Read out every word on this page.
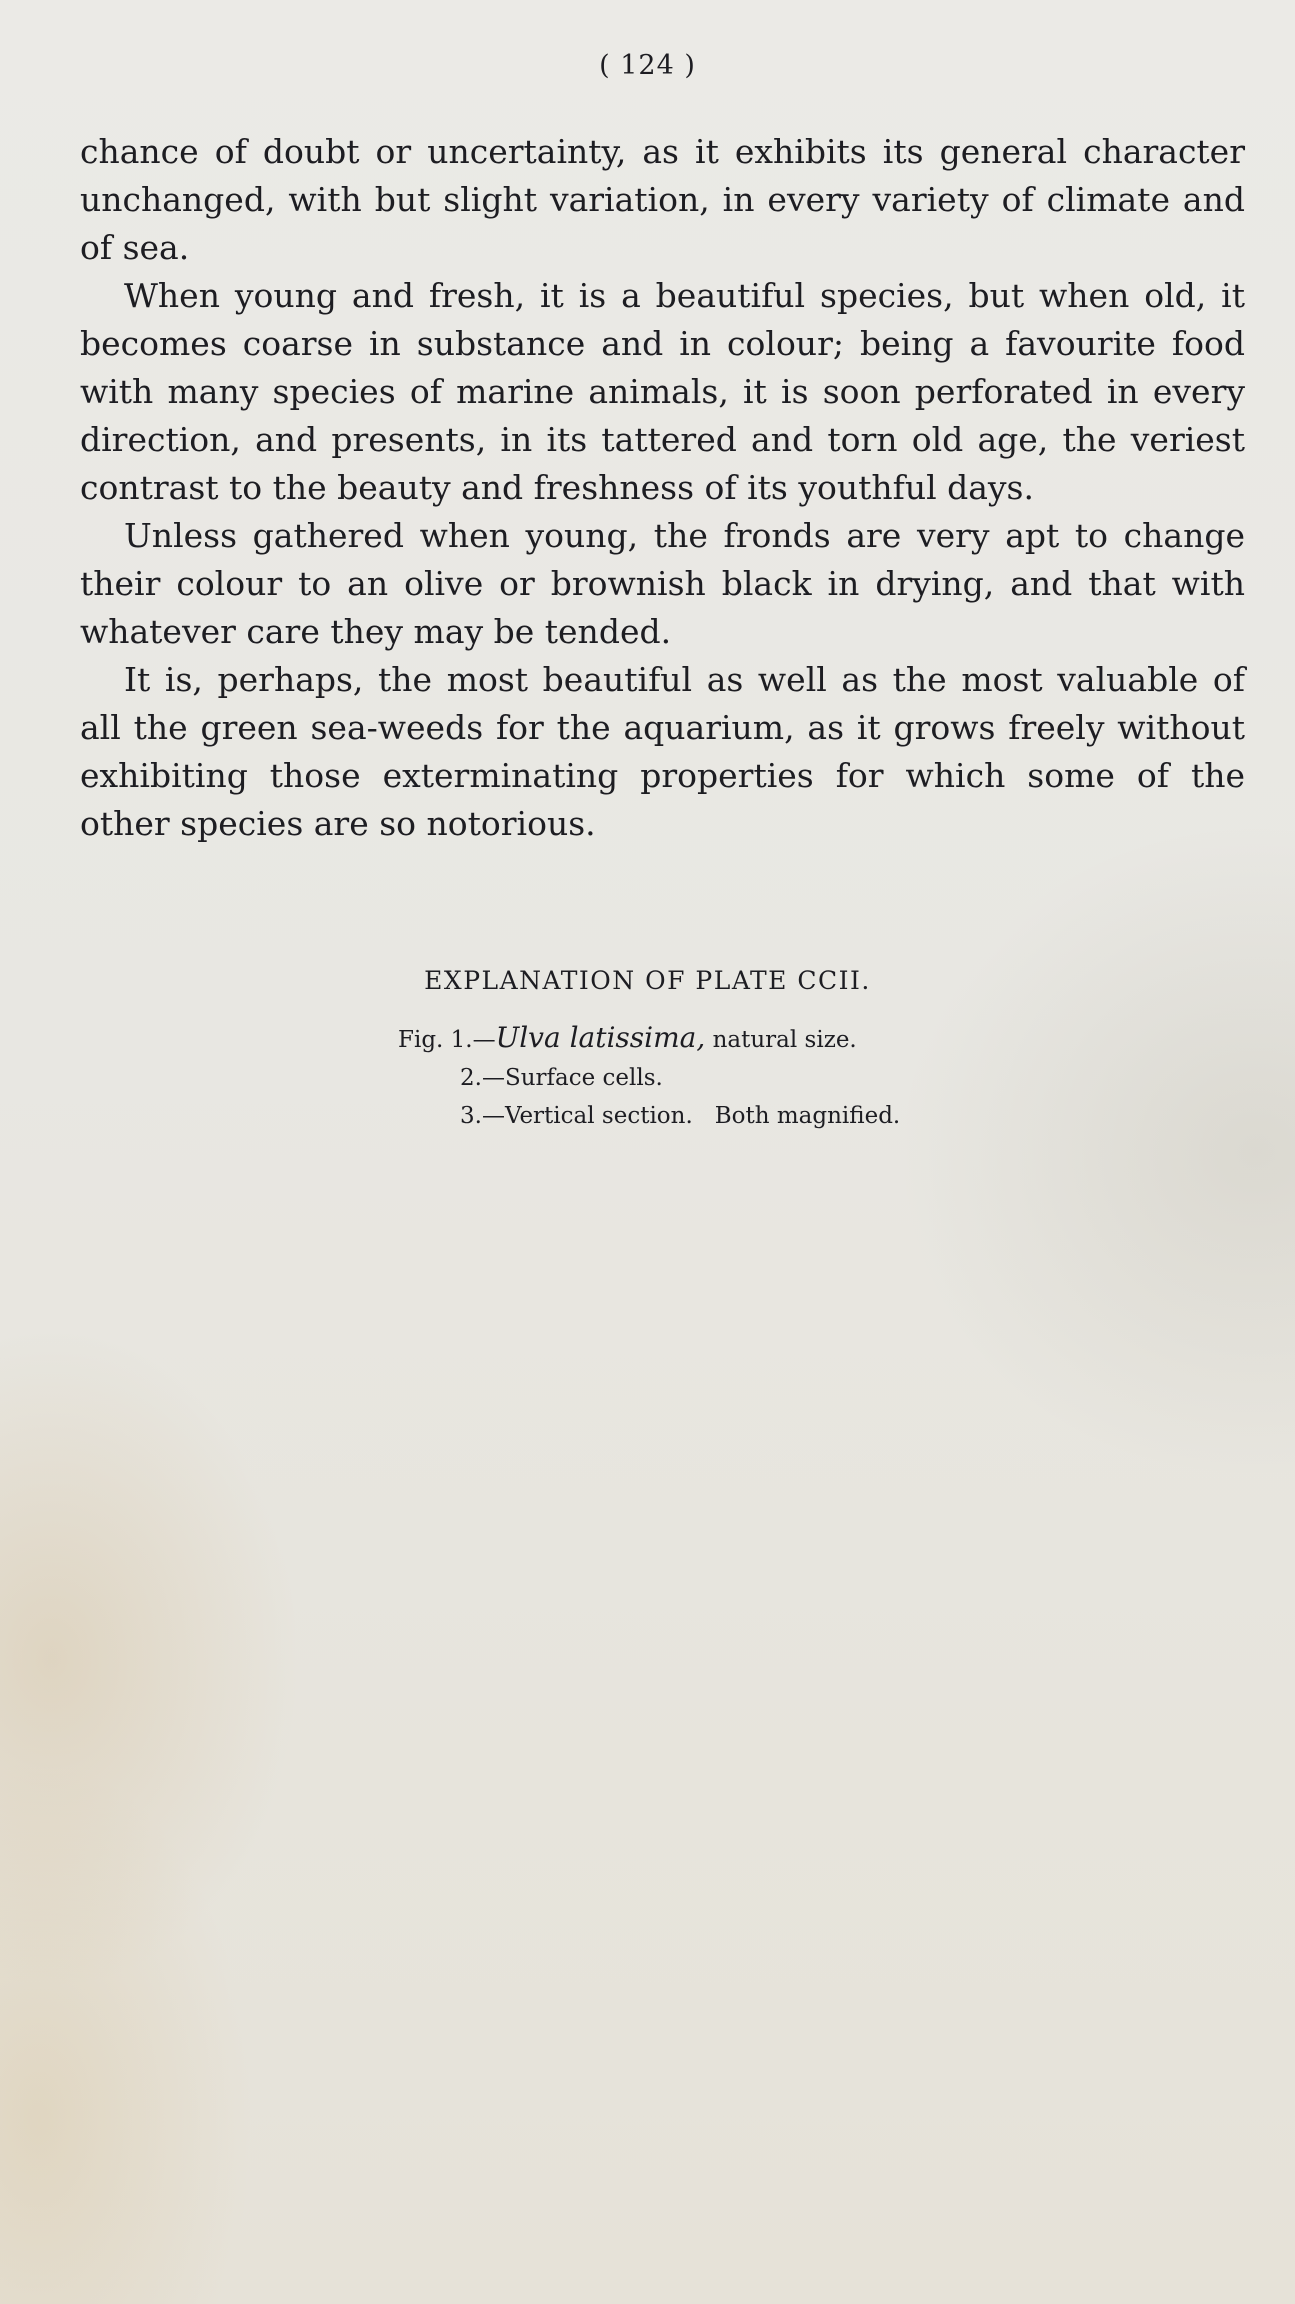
( 124 )

chance of doubt or uncertainty, as it exhibits its general character unchanged, with but slight variation, in every variety of climate and of sea.

When young and fresh, it is a beautiful species, but when old, it becomes coarse in substance and in colour; being a favourite food with many species of marine animals, it is soon perforated in every direction, and presents, in its tattered and torn old age, the veriest contrast to the beauty and freshness of its youthful days.

Unless gathered when young, the fronds are very apt to change their colour to an olive or brownish black in drying, and that with whatever care they may be tended.

It is, perhaps, the most beautiful as well as the most valuable of all the green sea-weeds for the aquarium, as it grows freely without exhibiting those exterminating properties for which some of the other species are so notorious.

EXPLANATION OF PLATE CCII.
Fig. 1.—Ulva latissima, natural size.
2.—Surface cells.
3.—Vertical section.   Both magnified.
